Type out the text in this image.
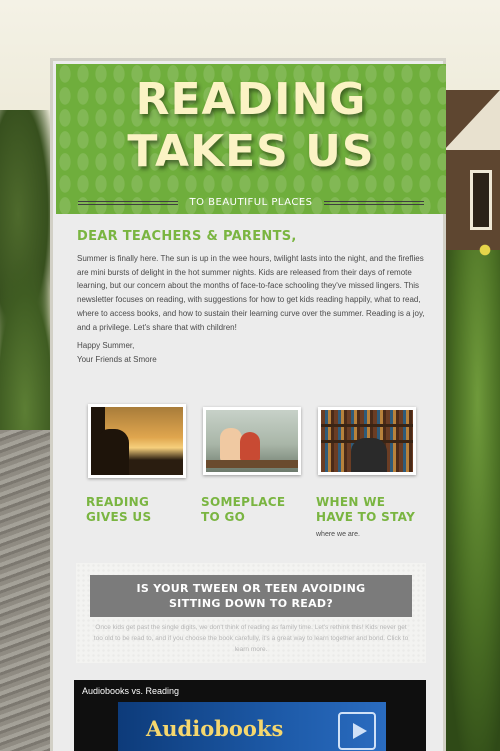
READING
TAKES US
TO BEAUTIFUL PLACES
DEAR TEACHERS & PARENTS,
Summer is finally here. The sun is up in the wee hours, twilight lasts into the night, and the fireflies are mini bursts of delight in the hot summer nights. Kids are released from their days of remote learning, but our concern about the months of face-to-face schooling they've missed lingers. This newsletter focuses on reading, with suggestions for how to get kids reading happily, what to read, where to access books, and how to sustain their learning curve over the summer. Reading is a joy, and a privilege. Let's share that with children!
Happy Summer,
Your Friends at Smore
READING
GIVES US
SOMEPLACE
TO GO
WHEN WE
HAVE TO STAY
where we are.
IS YOUR TWEEN OR TEEN AVOIDING SITTING DOWN TO READ?
Once kids get past the single digits, we don't think of reading as family time. Let's rethink this! Kids never get too old to be read to, and if you choose the book carefully, it's a great way to learn together and bond. Click to learn more.
Audiobooks vs. Reading
Audiobooks
